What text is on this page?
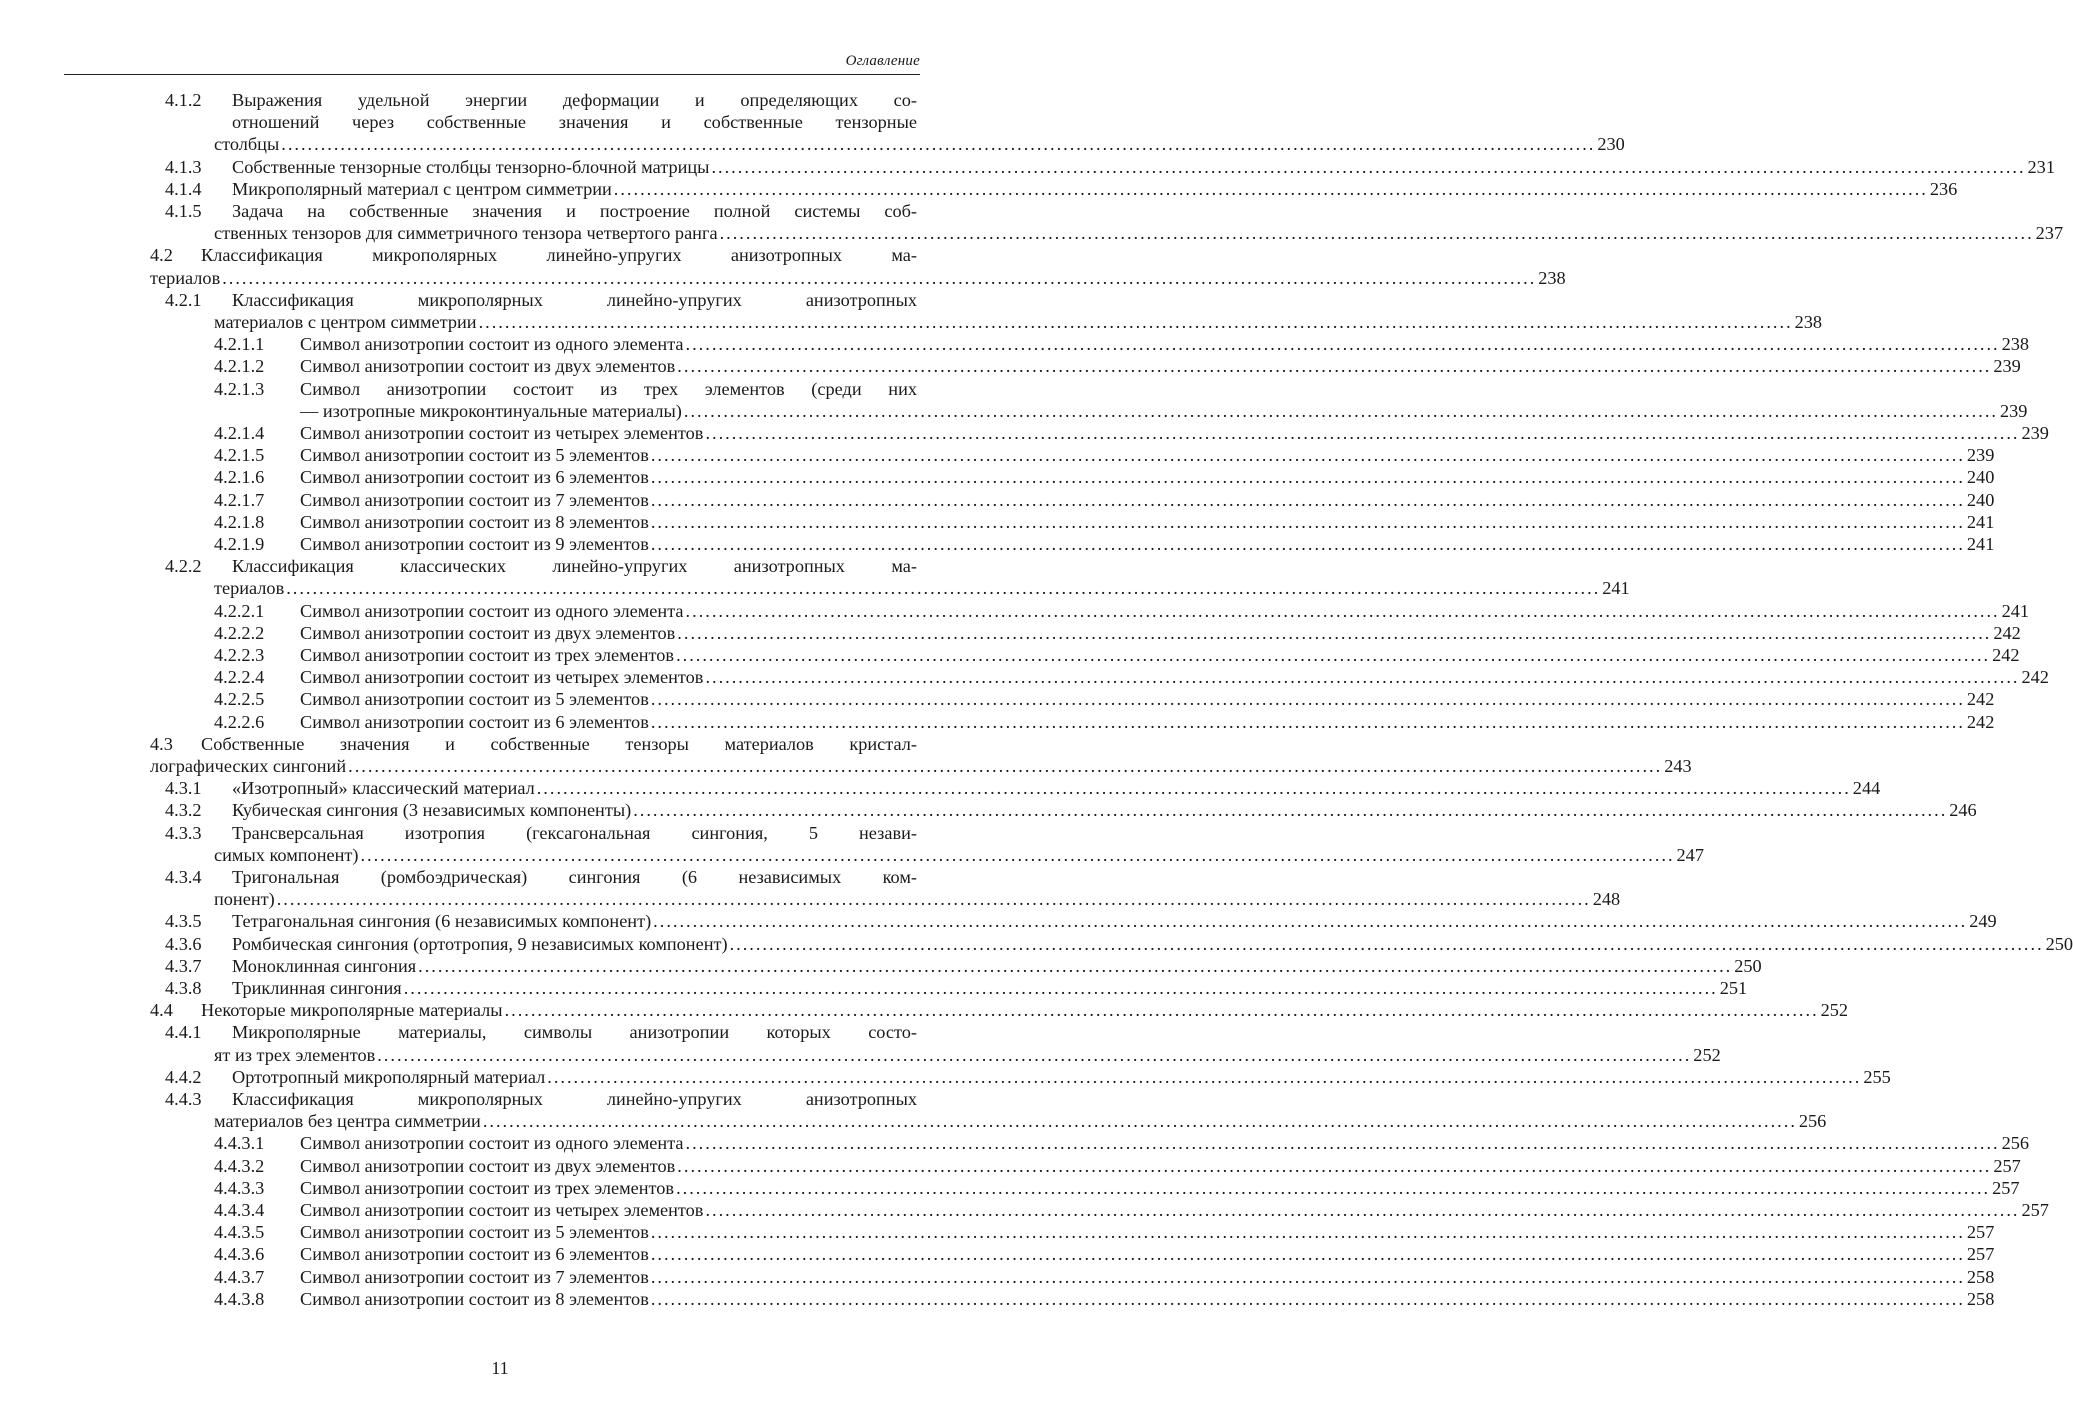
Оглавление
4.1.2 Выражения удельной энергии деформации и определяющих со-
отношений через собственные значения и собственные тензорные
столбцы ........................................................................................................................................................................................................ 230
4.1.3 Собственные тензорные столбцы тензорно-блочной матрицы ........................................................................................................................................................................................................ 231
4.1.4 Микрополярный материал с центром симметрии ........................................................................................................................................................................................................ 236
4.1.5 Задача на собственные значения и построение полной системы соб-
ственных тензоров для симметричного тензора четвертого ранга ........................................................................................................................................................................................................ 237
4.2 Классификация микрополярных линейно-упругих анизотропных ма-
териалов ........................................................................................................................................................................................................ 238
4.2.1 Классификация микрополярных линейно-упругих анизотропных
материалов с центром симметрии ........................................................................................................................................................................................................ 238
4.2.1.1 Символ анизотропии состоит из одного элемента ........................................................................................................................................................................................................ 238
4.2.1.2 Символ анизотропии состоит из двух элементов ........................................................................................................................................................................................................ 239
4.2.1.3 Символ анизотропии состоит из трех элементов (среди них
— изотропные микроконтинуальные материалы) ........................................................................................................................................................................................................ 239
4.2.1.4 Символ анизотропии состоит из четырех элементов ........................................................................................................................................................................................................ 239
4.2.1.5 Символ анизотропии состоит из 5 элементов ........................................................................................................................................................................................................ 239
4.2.1.6 Символ анизотропии состоит из 6 элементов ........................................................................................................................................................................................................ 240
4.2.1.7 Символ анизотропии состоит из 7 элементов ........................................................................................................................................................................................................ 240
4.2.1.8 Символ анизотропии состоит из 8 элементов ........................................................................................................................................................................................................ 241
4.2.1.9 Символ анизотропии состоит из 9 элементов ........................................................................................................................................................................................................ 241
4.2.2 Классификация классических линейно-упругих анизотропных ма-
териалов ........................................................................................................................................................................................................ 241
4.2.2.1 Символ анизотропии состоит из одного элемента ........................................................................................................................................................................................................ 241
4.2.2.2 Символ анизотропии состоит из двух элементов ........................................................................................................................................................................................................ 242
4.2.2.3 Символ анизотропии состоит из трех элементов ........................................................................................................................................................................................................ 242
4.2.2.4 Символ анизотропии состоит из четырех элементов ........................................................................................................................................................................................................ 242
4.2.2.5 Символ анизотропии состоит из 5 элементов ........................................................................................................................................................................................................ 242
4.2.2.6 Символ анизотропии состоит из 6 элементов ........................................................................................................................................................................................................ 242
4.3 Собственные значения и собственные тензоры материалов кристал-
лографических сингоний ........................................................................................................................................................................................................ 243
4.3.1 «Изотропный» классический материал ........................................................................................................................................................................................................ 244
4.3.2 Кубическая сингония (3 независимых компоненты) ........................................................................................................................................................................................................ 246
4.3.3 Трансверсальная изотропия (гексагональная сингония, 5 незави-
симых компонент) ........................................................................................................................................................................................................ 247
4.3.4 Тригональная (ромбоэдрическая) сингония (6 независимых ком-
понент) ........................................................................................................................................................................................................ 248
4.3.5 Тетрагональная сингония (6 независимых компонент) ........................................................................................................................................................................................................ 249
4.3.6 Ромбическая сингония (ортотропия, 9 независимых компонент) ........................................................................................................................................................................................................ 250
4.3.7 Моноклинная сингония ........................................................................................................................................................................................................ 250
4.3.8 Триклинная сингония ........................................................................................................................................................................................................ 251
4.4 Некоторые микрополярные материалы ........................................................................................................................................................................................................ 252
4.4.1 Микрополярные материалы, символы анизотропии которых состо-
ят из трех элементов ........................................................................................................................................................................................................ 252
4.4.2 Ортотропный микрополярный материал ........................................................................................................................................................................................................ 255
4.4.3 Классификация микрополярных линейно-упругих анизотропных
материалов без центра симметрии ........................................................................................................................................................................................................ 256
4.4.3.1 Символ анизотропии состоит из одного элемента ........................................................................................................................................................................................................ 256
4.4.3.2 Символ анизотропии состоит из двух элементов ........................................................................................................................................................................................................ 257
4.4.3.3 Символ анизотропии состоит из трех элементов ........................................................................................................................................................................................................ 257
4.4.3.4 Символ анизотропии состоит из четырех элементов ........................................................................................................................................................................................................ 257
4.4.3.5 Символ анизотропии состоит из 5 элементов ........................................................................................................................................................................................................ 257
4.4.3.6 Символ анизотропии состоит из 6 элементов ........................................................................................................................................................................................................ 257
4.4.3.7 Символ анизотропии состоит из 7 элементов ........................................................................................................................................................................................................ 258
4.4.3.8 Символ анизотропии состоит из 8 элементов ........................................................................................................................................................................................................ 258
11
